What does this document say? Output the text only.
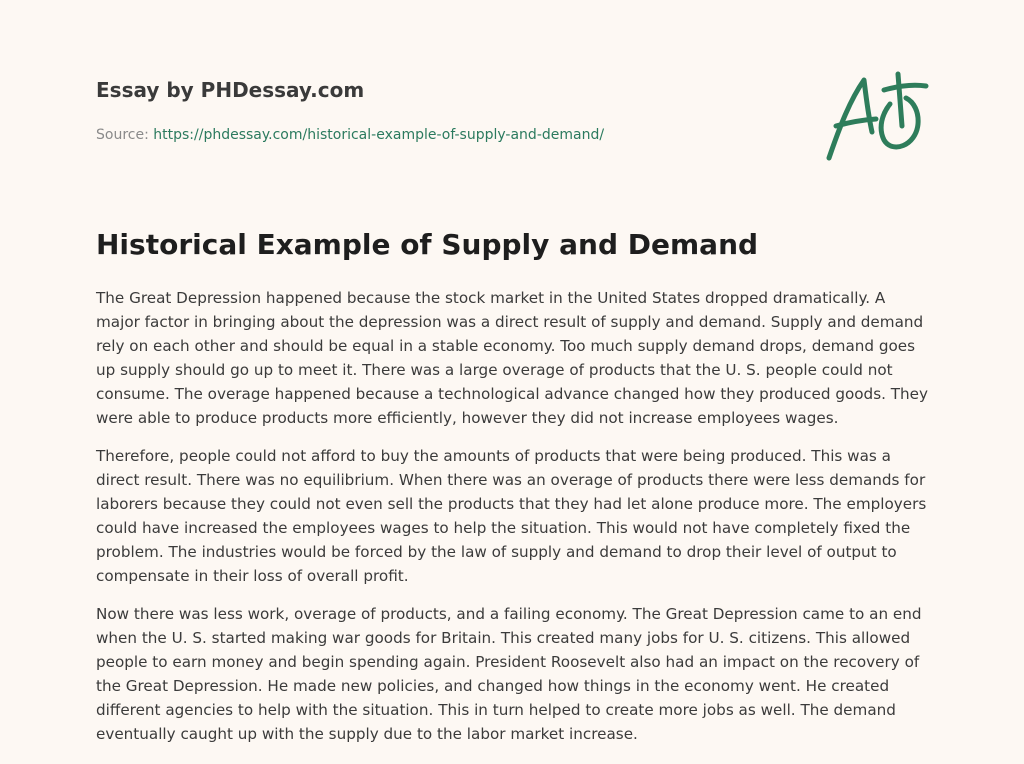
Essay by PHDessay.com
Source: https://phdessay.com/historical-example-of-supply-and-demand/
Historical Example of Supply and Demand

The Great Depression happened because the stock market in the United States dropped dramatically. A major factor in bringing about the depression was a direct result of supply and demand. Supply and demand rely on each other and should be equal in a stable economy. Too much supply demand drops, demand goes up supply should go up to meet it. There was a large overage of products that the U. S. people could not consume. The overage happened because a technological advance changed how they produced goods. They were able to produce products more efficiently, however they did not increase employees wages.

Therefore, people could not afford to buy the amounts of products that were being produced. This was a direct result. There was no equilibrium. When there was an overage of products there were less demands for laborers because they could not even sell the products that they had let alone produce more. The employers could have increased the employees wages to help the situation. This would not have completely fixed the problem. The industries would be forced by the law of supply and demand to drop their level of output to compensate in their loss of overall profit.

Now there was less work, overage of products, and a failing economy. The Great Depression came to an end when the U. S. started making war goods for Britain. This created many jobs for U. S. citizens. This allowed people to earn money and begin spending again. President Roosevelt also had an impact on the recovery of the Great Depression. He made new policies, and changed how things in the economy went. He created different agencies to help with the situation. This in turn helped to create more jobs as well. The demand eventually caught up with the supply due to the labor market increase.
